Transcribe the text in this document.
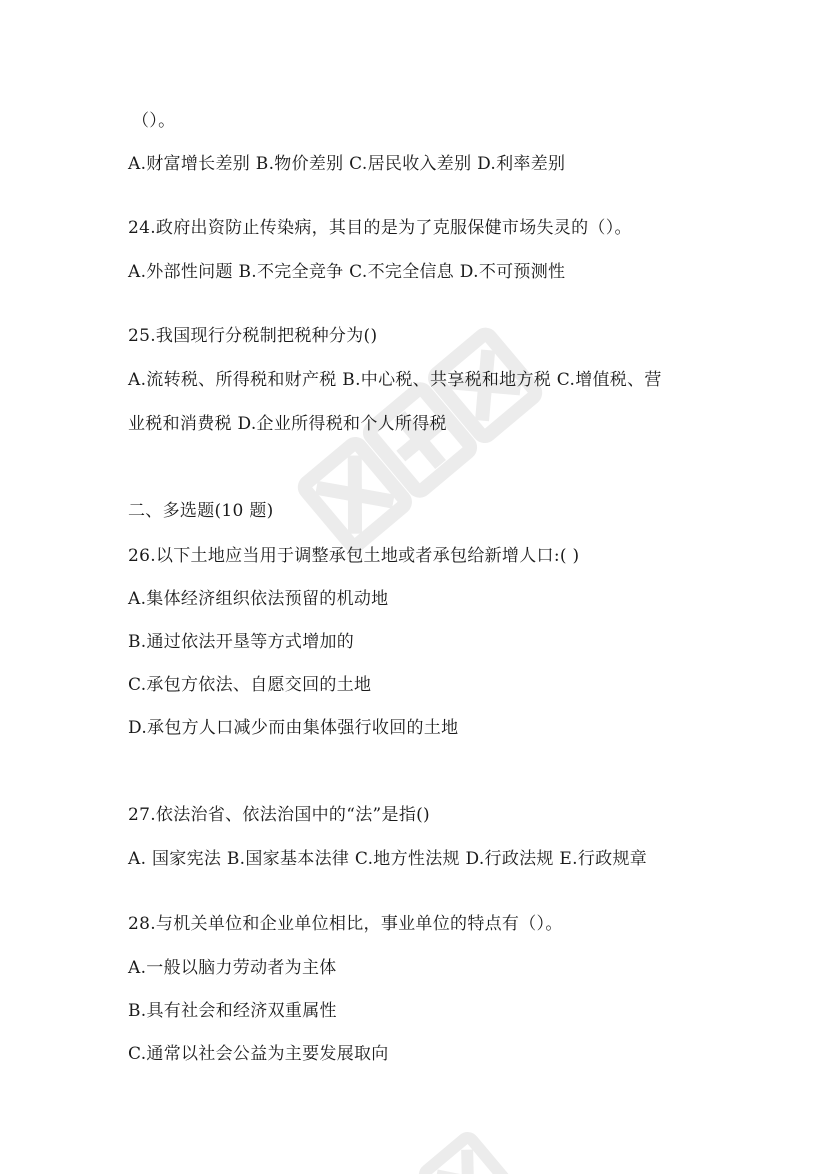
（）。
A.财富增长差别 B.物价差别 C.居民收入差别 D.利率差别
24.政府出资防止传染病，其目的是为了克服保健市场失灵的（）。
A.外部性问题 B.不完全竞争 C.不完全信息 D.不可预测性
25.我国现行分税制把税种分为()
A.流转税、所得税和财产税 B.中心税、共享税和地方税 C.增值税、营
业税和消费税 D.企业所得税和个人所得税
二、多选题(10 题)
26.以下土地应当用于调整承包土地或者承包给新增人口:( )
A.集体经济组织依法预留的机动地
B.通过依法开垦等方式增加的
C.承包方依法、自愿交回的土地
D.承包方人口减少而由集体强行收回的土地
27.依法治省、依法治国中的“法”是指()
A. 国家宪法 B.国家基本法律 C.地方性法规 D.行政法规 E.行政规章
28.与机关单位和企业单位相比，事业单位的特点有（）。
A.一般以脑力劳动者为主体
B.具有社会和经济双重属性
C.通常以社会公益为主要发展取向
